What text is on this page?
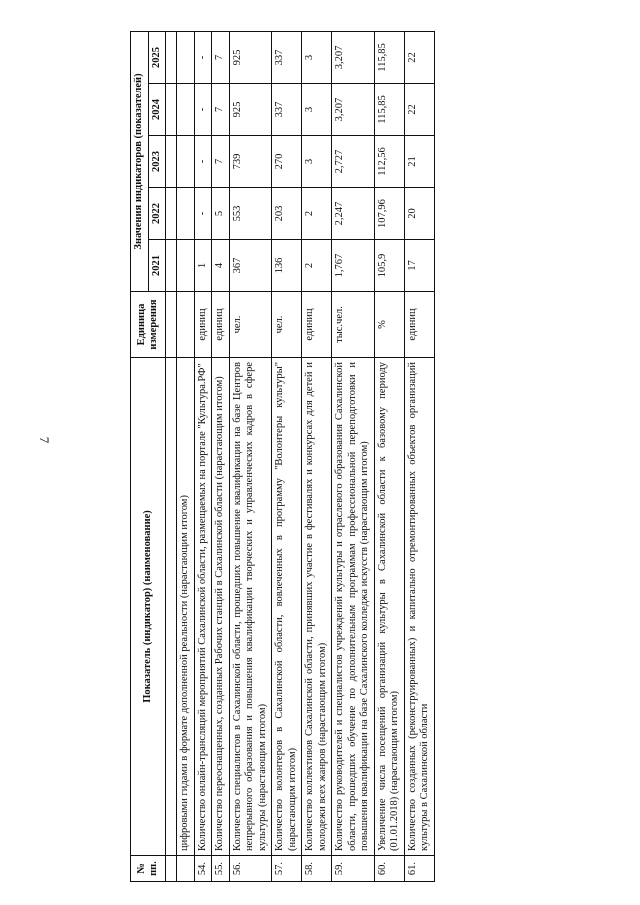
7
№ пп.	Показатель (индикатор) (наименование)	Единица измерения	Значения индикаторов (показателей)				
			2021	2022	2023	2024	2025

	цифровыми гидами в формате дополненной реальности (нарастающим итогом)						
54.	Количество онлайн-трансляций мероприятий Сахалинской области, размещаемых на портале "Культура.РФ"	единиц	1	-	-	-	-
55.	Количество переоснащенных, созданных Рабочих станций в Сахалинской области (нарастающим итогом)	единиц	4	5	7	7	7
56.	Количество специалистов в Сахалинской области, прошедших повышение квалификации на базе Центров непрерывного образования и повышения квалификации творческих и управленческих кадров в сфере культуры (нарастающим итогом)	чел.	367	553	739	925	925
57.	Количество волонтеров в Сахалинской области, вовлеченных в программу "Волонтеры культуры" (нарастающим итогом)	чел.	136	203	270	337	337
58.	Количество коллективов Сахалинской области, принявших участие в фестивалях и конкурсах для детей и молодежи всех жанров (нарастающим итогом)	единиц	2	2	3	3	3
59.	Количество руководителей и специалистов учреждений культуры и отраслевого образования Сахалинской области, прошедших обучение по дополнительным программам профессиональной переподготовки и повышения квалификации на базе Сахалинского колледжа искусств (нарастающим итогом)	тыс.чел.	1,767	2,247	2,727	3,207	3,207
60.	Увеличение числа посещений организаций культуры в Сахалинской области к базовому периоду (01.01.2018) (нарастающим итогом)	%	105,9	107,96	112,56	115,85	115,85
61.	Количество созданных (реконструированных) и капитально отремонтированных объектов организаций культуры в Сахалинской области	единиц	17	20	21	22	22
